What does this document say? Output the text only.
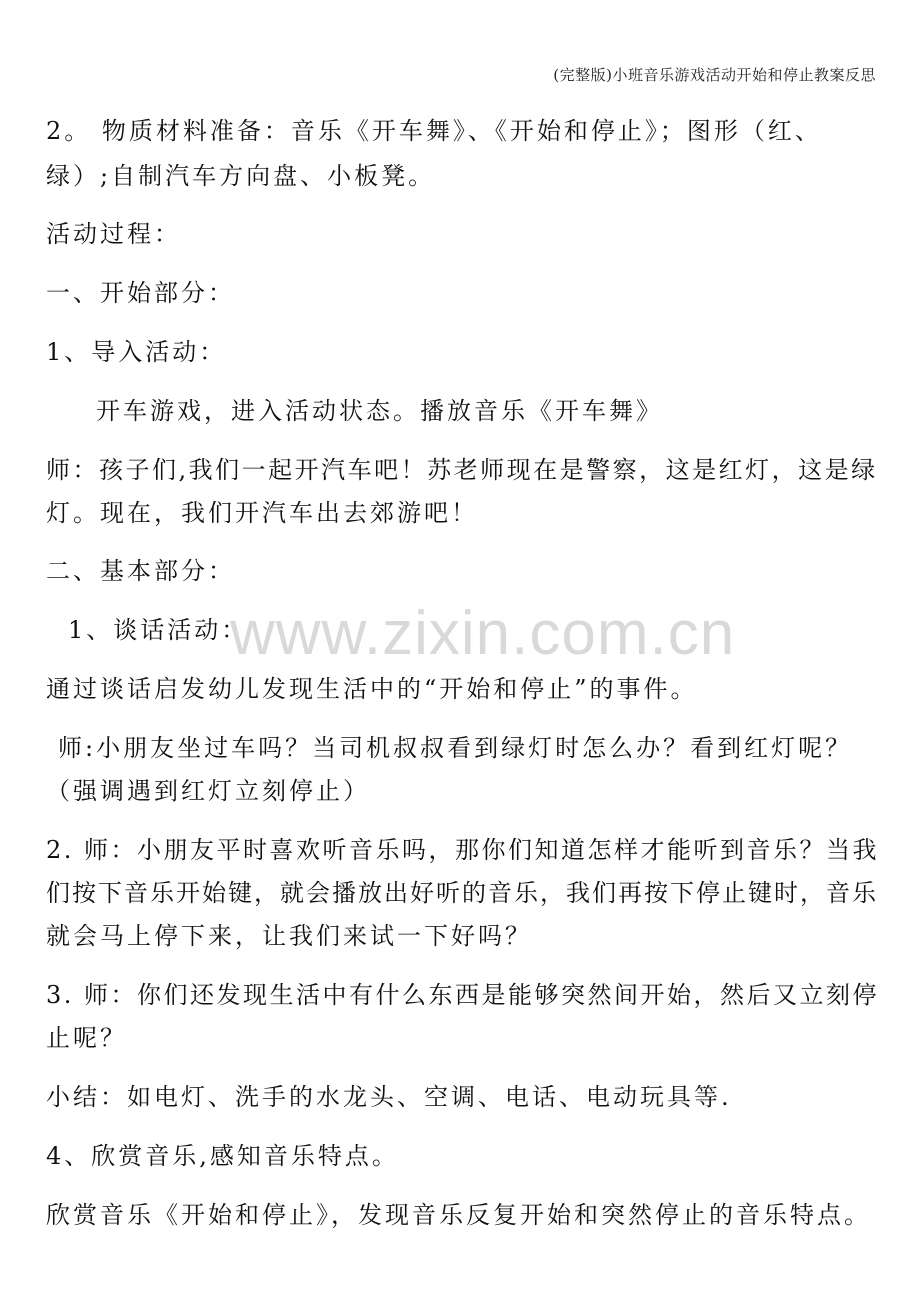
(完整版)小班音乐游戏活动开始和停止教案反思
www.zixin.com.cn
2。 物质材料准备：音乐《开车舞》、《开始和停止》；图形（红、
绿）;自制汽车方向盘、小板凳。
活动过程：
一、开始部分：
1、导入活动：
开车游戏，进入活动状态。播放音乐《开车舞》
师：孩子们,我们一起开汽车吧！苏老师现在是警察，这是红灯，这是绿
灯。现在，我们开汽车出去郊游吧！
二、基本部分：
1、谈话活动：
通过谈话启发幼儿发现生活中的“开始和停止”的事件。
师:小朋友坐过车吗？当司机叔叔看到绿灯时怎么办？看到红灯呢？
（强调遇到红灯立刻停止）
2. 师：小朋友平时喜欢听音乐吗，那你们知道怎样才能听到音乐？当我
们按下音乐开始键，就会播放出好听的音乐，我们再按下停止键时，音乐
就会马上停下来，让我们来试一下好吗？
3. 师：你们还发现生活中有什么东西是能够突然间开始，然后又立刻停
止呢？
小结：如电灯、洗手的水龙头、空调、电话、电动玩具等.
4、欣赏音乐,感知音乐特点。
欣赏音乐《开始和停止》，发现音乐反复开始和突然停止的音乐特点。
